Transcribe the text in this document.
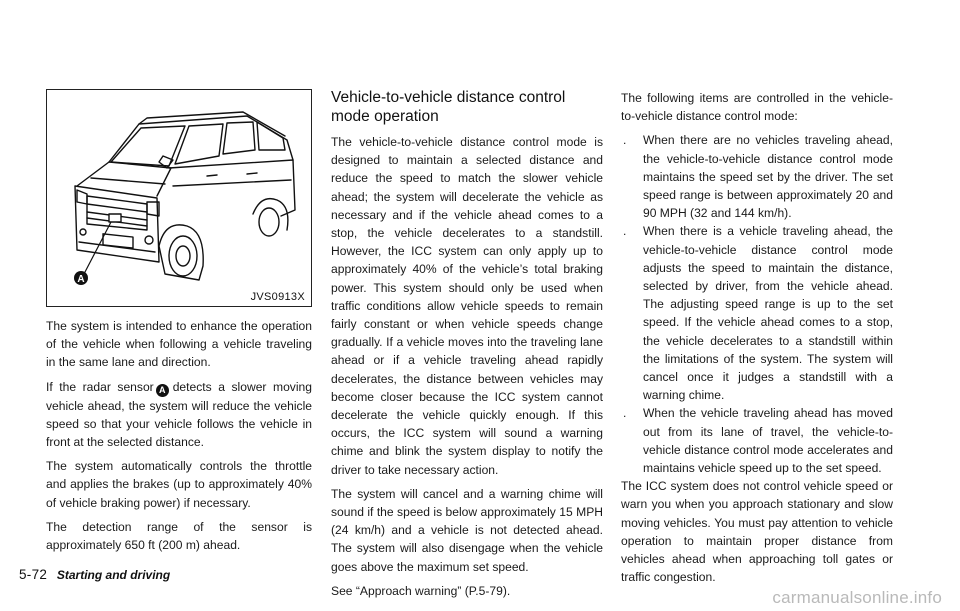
A
JVS0913X

The system is intended to enhance the operation of the vehicle when following a vehicle traveling in the same lane and direction.

If the radar sensor A detects a slower moving vehicle ahead, the system will reduce the vehicle speed so that your vehicle follows the vehicle in front at the selected distance.

The system automatically controls the throttle and applies the brakes (up to approximately 40% of vehicle braking power) if necessary.

The detection range of the sensor is approximately 650 ft (200 m) ahead.

Vehicle-to-vehicle distance control mode operation

The vehicle-to-vehicle distance control mode is designed to maintain a selected distance and reduce the speed to match the slower vehicle ahead; the system will decelerate the vehicle as necessary and if the vehicle ahead comes to a stop, the vehicle decelerates to a standstill. However, the ICC system can only apply up to approximately 40% of the vehicle’s total braking power. This system should only be used when traffic conditions allow vehicle speeds to remain fairly constant or when vehicle speeds change gradually. If a vehicle moves into the traveling lane ahead or if a vehicle traveling ahead rapidly decelerates, the distance between vehicles may become closer because the ICC system cannot decelerate the vehicle quickly enough. If this occurs, the ICC system will sound a warning chime and blink the system display to notify the driver to take necessary action.

The system will cancel and a warning chime will sound if the speed is below approximately 15 MPH (24 km/h) and a vehicle is not detected ahead. The system will also disengage when the vehicle goes above the maximum set speed.

See “Approach warning” (P.5-79).

The following items are controlled in the vehicle-to-vehicle distance control mode:

. When there are no vehicles traveling ahead, the vehicle-to-vehicle distance control mode maintains the speed set by the driver. The set speed range is between approximately 20 and 90 MPH (32 and 144 km/h).

. When there is a vehicle traveling ahead, the vehicle-to-vehicle distance control mode adjusts the speed to maintain the distance, selected by driver, from the vehicle ahead. The adjusting speed range is up to the set speed. If the vehicle ahead comes to a stop, the vehicle decelerates to a standstill within the limitations of the system. The system will cancel once it judges a standstill with a warning chime.

. When the vehicle traveling ahead has moved out from its lane of travel, the vehicle-to-vehicle distance control mode accelerates and maintains vehicle speed up to the set speed.

The ICC system does not control vehicle speed or warn you when you approach stationary and slow moving vehicles. You must pay attention to vehicle operation to maintain proper distance from vehicles ahead when approaching toll gates or traffic congestion.

5-72 Starting and driving
carmanualsonline.info
